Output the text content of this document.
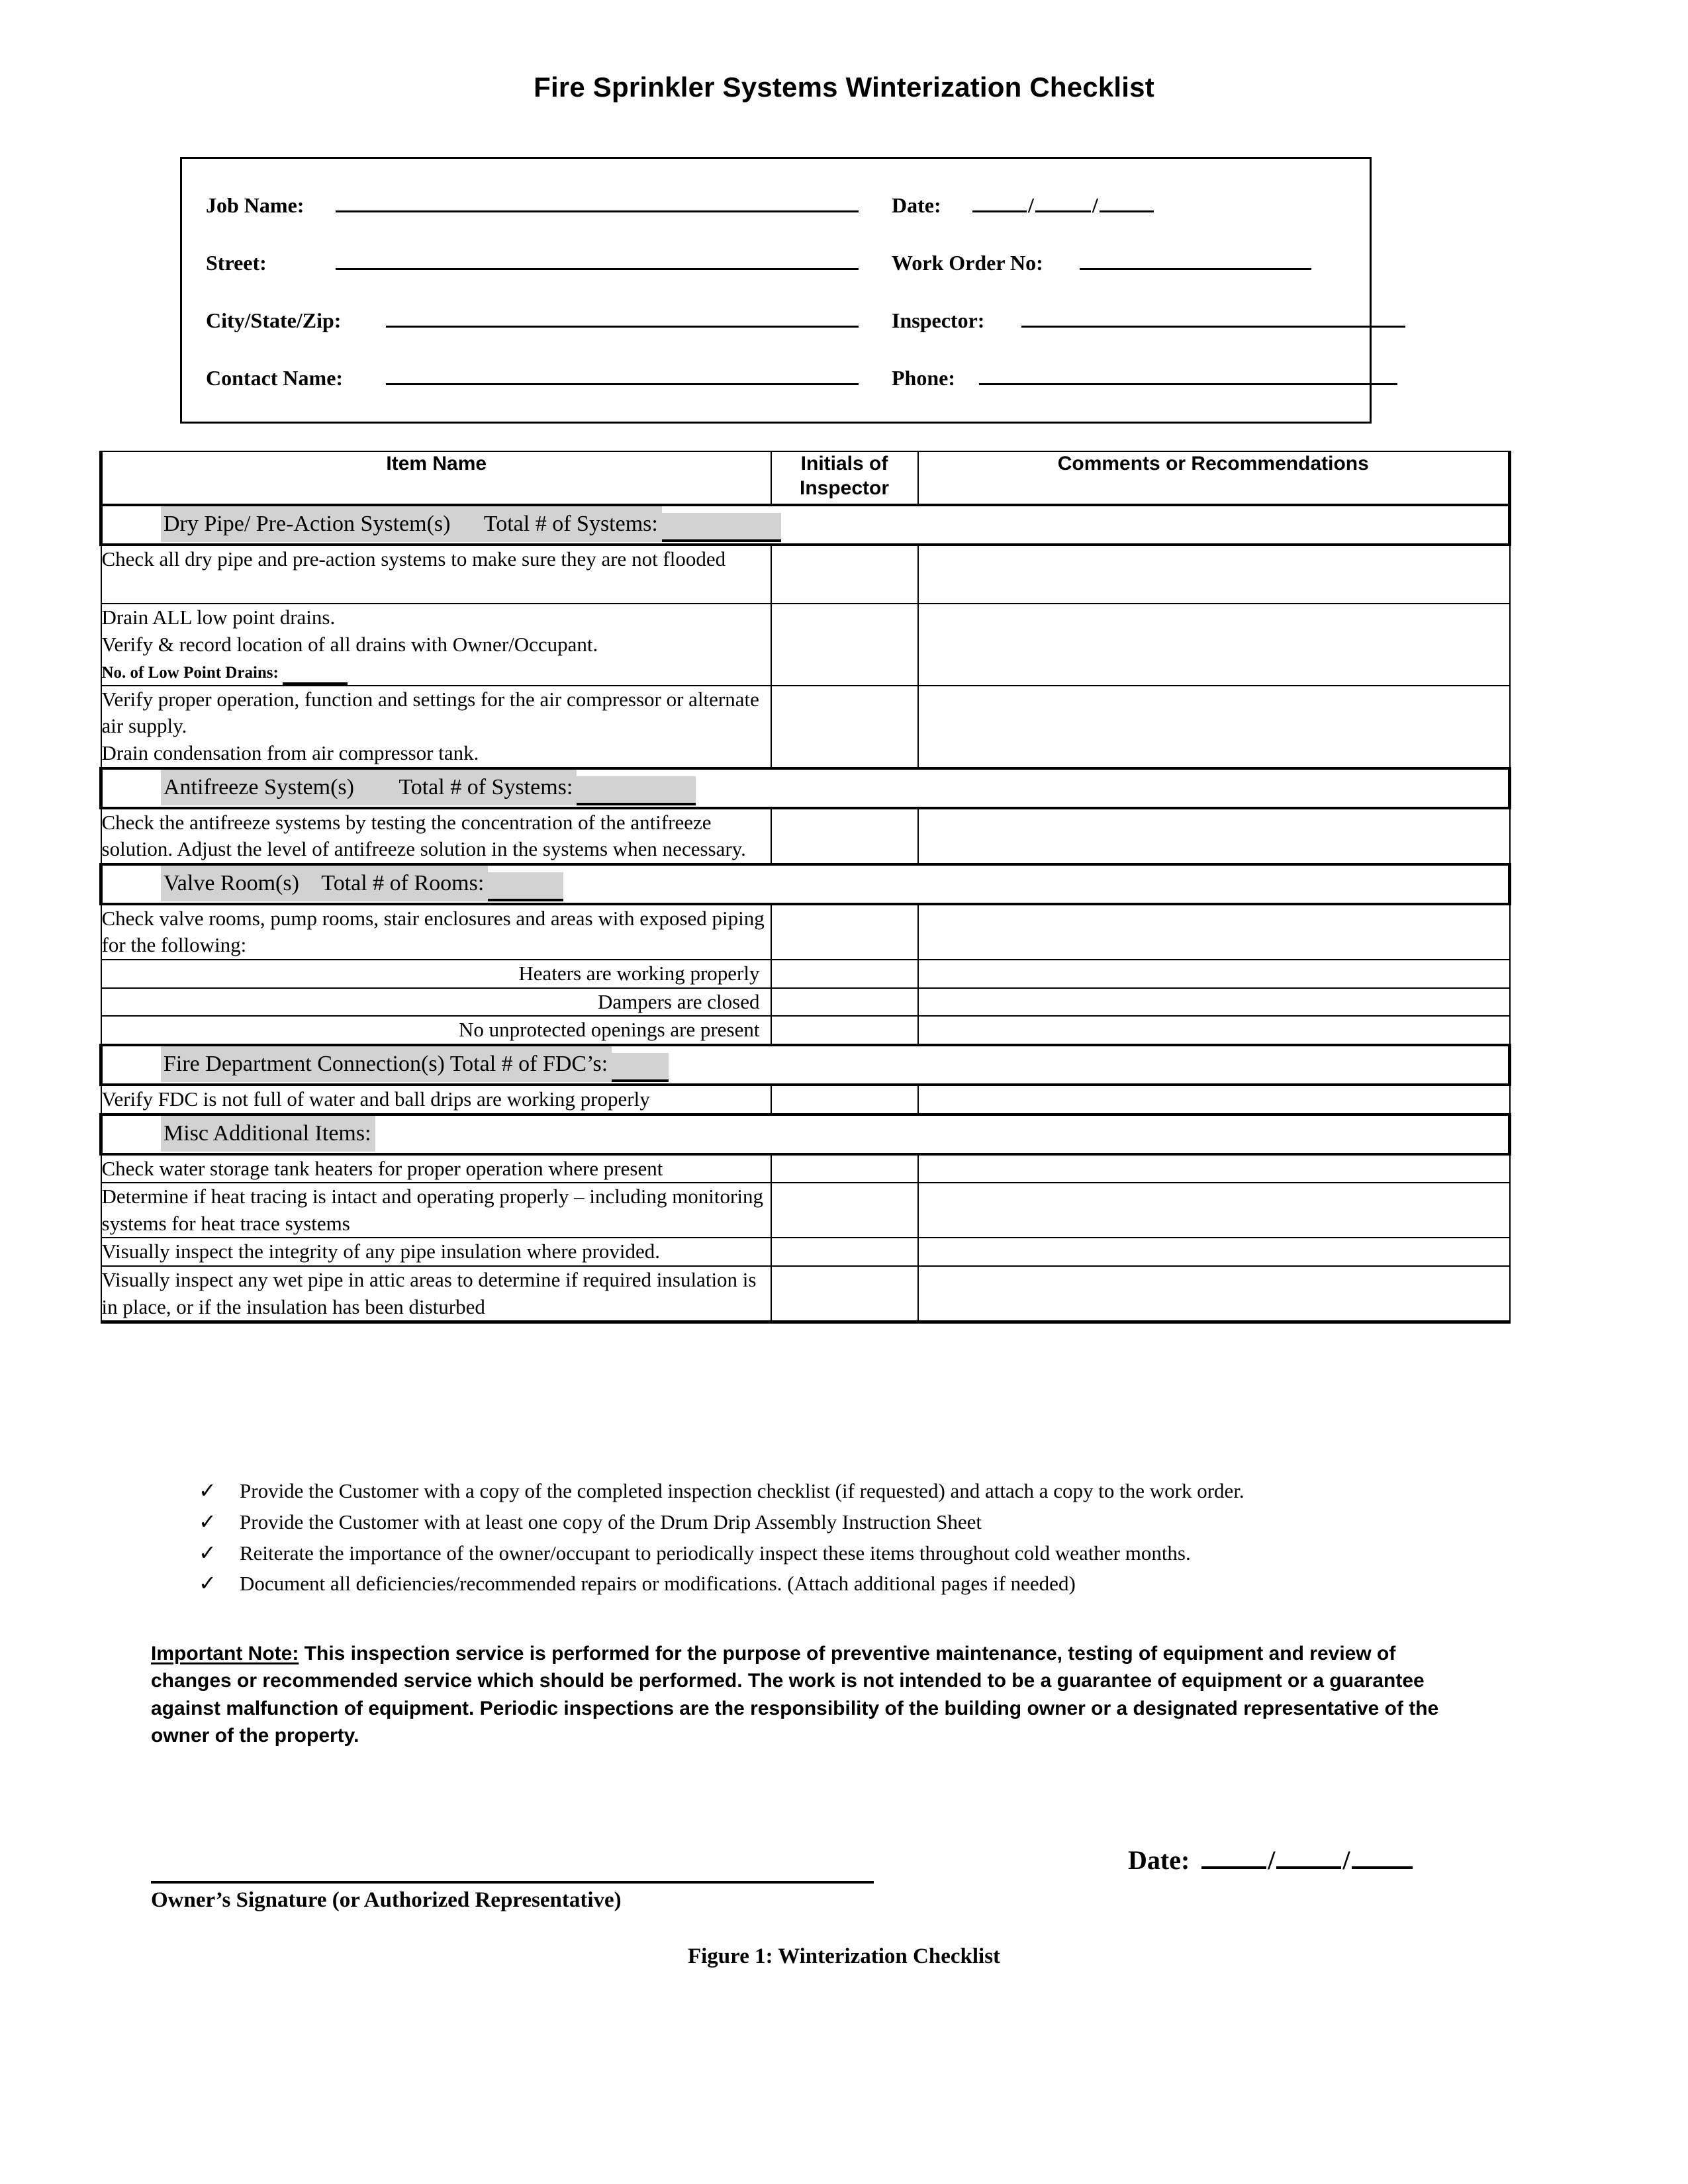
Fire Sprinkler Systems Winterization Checklist
Job Name:	Date:	/	/
Street:	Work Order No:
City/State/Zip:	Inspector:
Contact Name:	Phone:
Item Name	Initials of Inspector	Comments or Recommendations

Dry Pipe/ Pre-Action System(s)      Total # of Systems:		

Check all dry pipe and pre-action systems to make sure they are not flooded		

Drain ALL low point drains.
Verify & record location of all drains with Owner/Occupant.
No. of Low Point Drains:		

Verify proper operation, function and settings for the air compressor or alternate air supply.
Drain condensation from air compressor tank.		

Antifreeze System(s)        Total # of Systems:		

Check the antifreeze systems by testing the concentration of the antifreeze solution. Adjust the level of antifreeze solution in the systems when necessary.		

Valve Room(s)    Total # of Rooms:		

Check valve rooms, pump rooms, stair enclosures and areas with exposed piping for the following:		
Heaters are working properly		
Dampers are closed		
No unprotected openings are present		

Fire Department Connection(s) Total # of FDC’s:		

Verify FDC is not full of water and ball drips are working properly		

Misc Additional Items:		

Check water storage tank heaters for proper operation where present		
Determine if heat tracing is intact and operating properly – including monitoring systems for heat trace systems		
Visually inspect the integrity of any pipe insulation where provided.		
Visually inspect any wet pipe in attic areas to determine if required insulation is in place, or if the insulation has been disturbed		
✓	Provide the Customer with a copy of the completed inspection checklist (if requested) and attach a copy to the work order.
✓	Provide the Customer with at least one copy of the Drum Drip Assembly Instruction Sheet
✓	Reiterate the importance of the owner/occupant to periodically inspect these items throughout cold weather months.
✓	Document all deficiencies/recommended repairs or modifications. (Attach additional pages if needed)
Important Note: This inspection service is performed for the purpose of preventive maintenance, testing of equipment and review of changes or recommended service which should be performed. The work is not intended to be a guarantee of equipment or a guarantee against malfunction of equipment. Periodic inspections are the responsibility of the building owner or a designated representative of the owner of the property.
Owner’s Signature (or Authorized Representative)
Date:	/	/
Figure 1: Winterization Checklist
